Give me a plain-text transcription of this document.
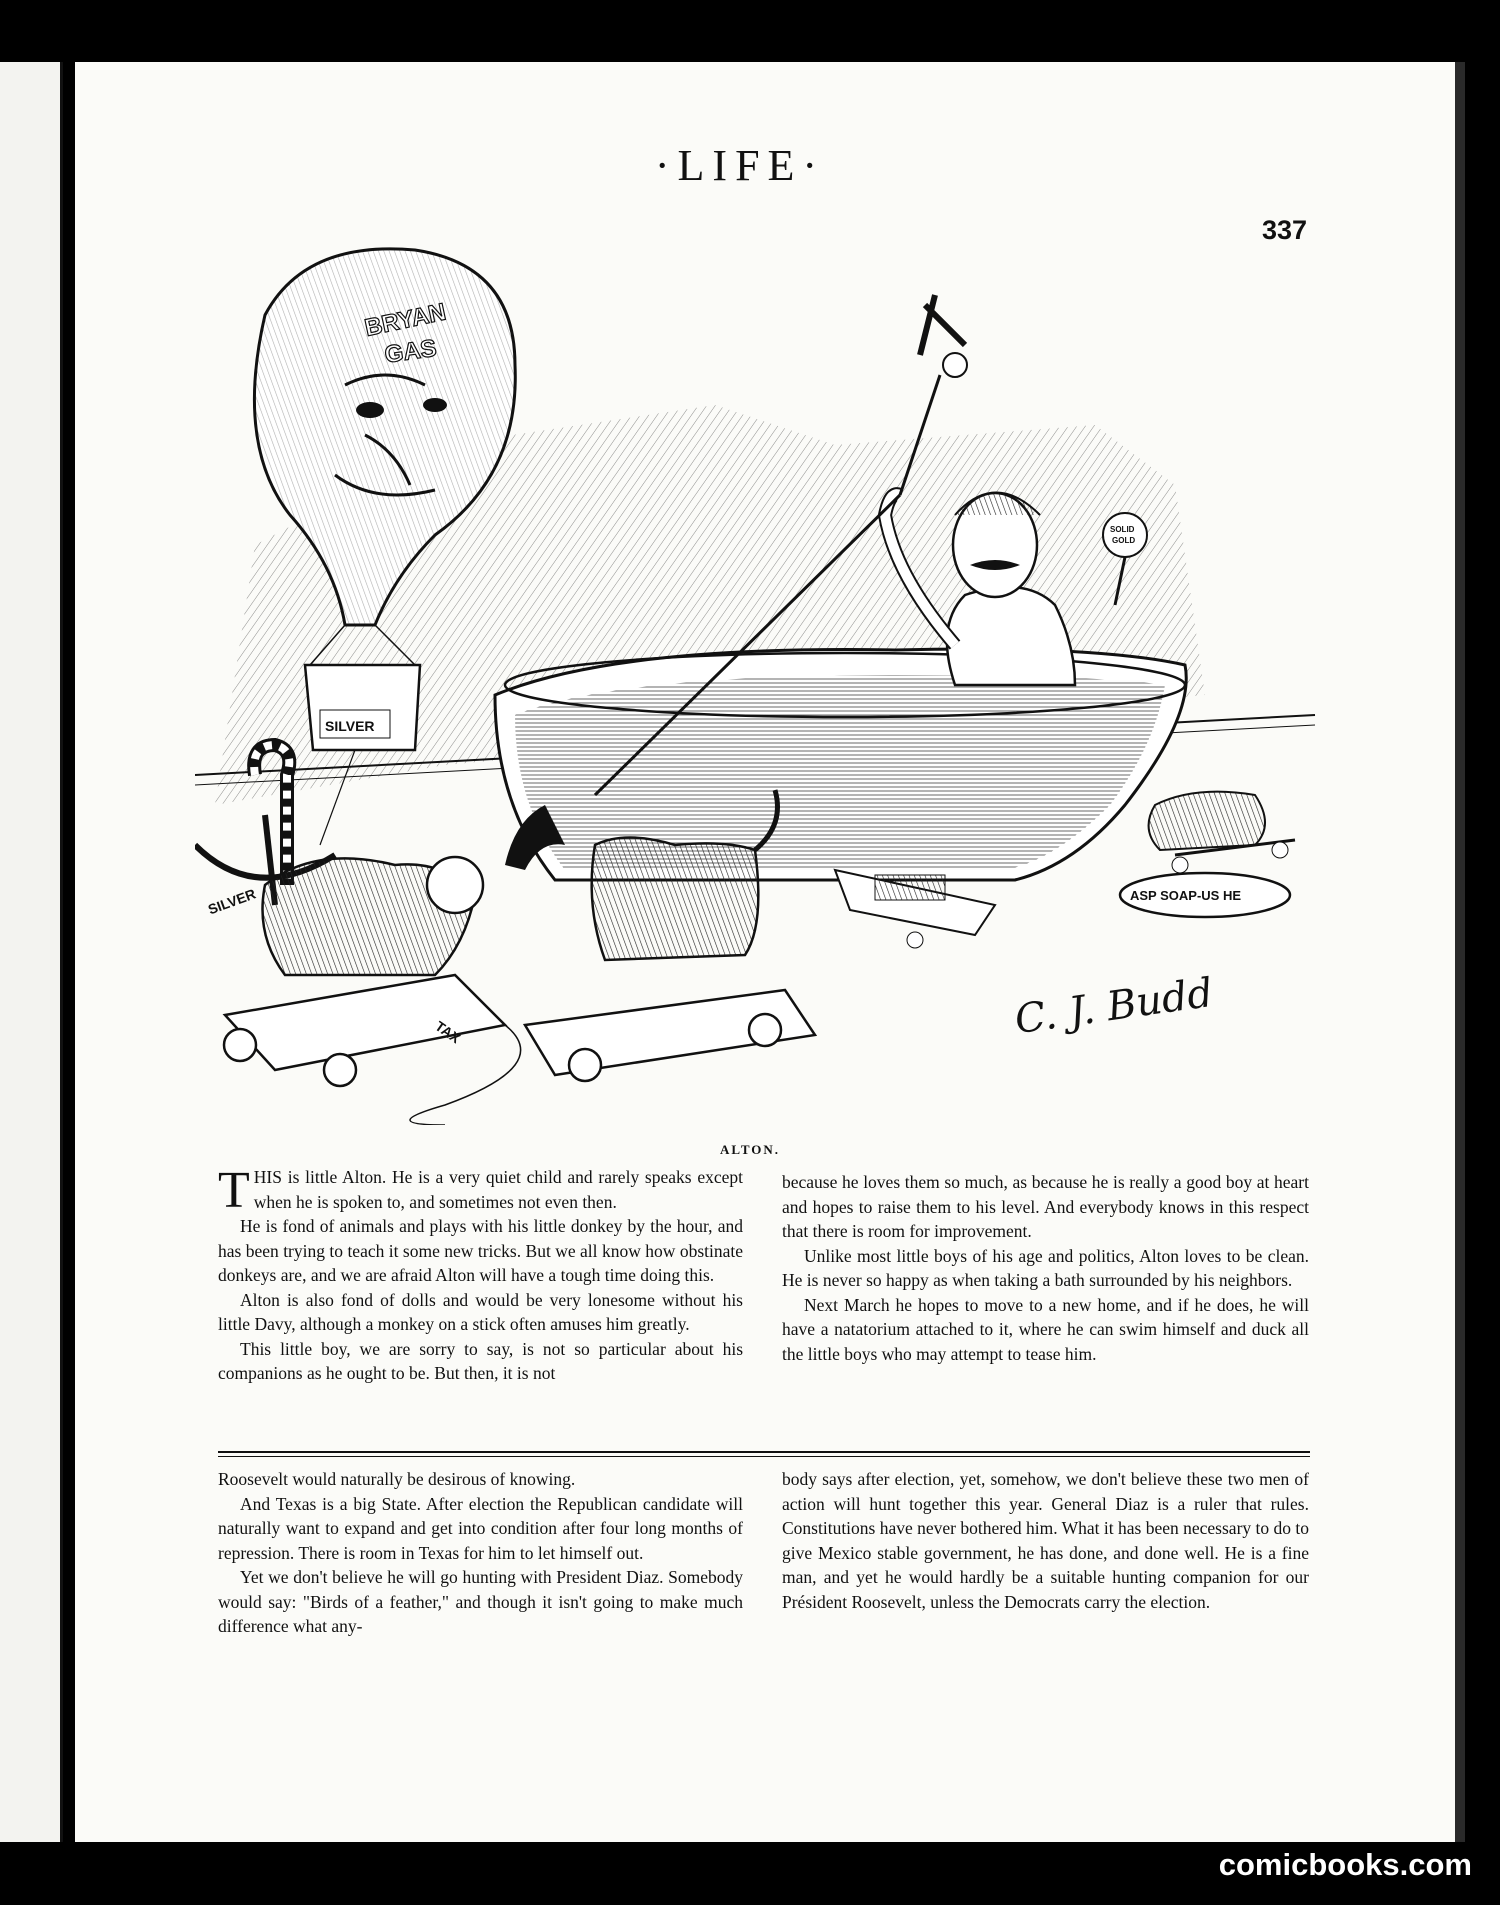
·LIFE·
337
BRYAN
GAS
SILVER
SILVER
SOLID
GOLD
TAX
ASP SOAP-US HE
C. J. Budd
ALTON.

THIS is little Alton. He is a very quiet child and rarely speaks except when he is spoken to, and sometimes not even then.

He is fond of animals and plays with his little donkey by the hour, and has been trying to teach it some new tricks. But we all know how obstinate donkeys are, and we are afraid Alton will have a tough time doing this.

Alton is also fond of dolls and would be very lonesome without his little Davy, although a monkey on a stick often amuses him greatly.

This little boy, we are sorry to say, is not so particular about his companions as he ought to be. But then, it is not

because he loves them so much, as because he is really a good boy at heart and hopes to raise them to his level. And everybody knows in this respect that there is room for improvement.

Unlike most little boys of his age and politics, Alton loves to be clean. He is never so happy as when taking a bath surrounded by his neighbors.

Next March he hopes to move to a new home, and if he does, he will have a natatorium attached to it, where he can swim himself and duck all the little boys who may attempt to tease him.

Roosevelt would naturally be desirous of knowing.

And Texas is a big State. After election the Republican candidate will naturally want to expand and get into condition after four long months of repression. There is room in Texas for him to let himself out.

Yet we don't believe he will go hunting with President Diaz. Somebody would say: "Birds of a feather," and though it isn't going to make much difference what any-

body says after election, yet, somehow, we don't believe these two men of action will hunt together this year. General Diaz is a ruler that rules. Constitutions have never bothered him. What it has been necessary to do to give Mexico stable government, he has done, and done well. He is a fine man, and yet he would hardly be a suitable hunting companion for our Président Roosevelt, unless the Democrats carry the election.

comicbooks.com
